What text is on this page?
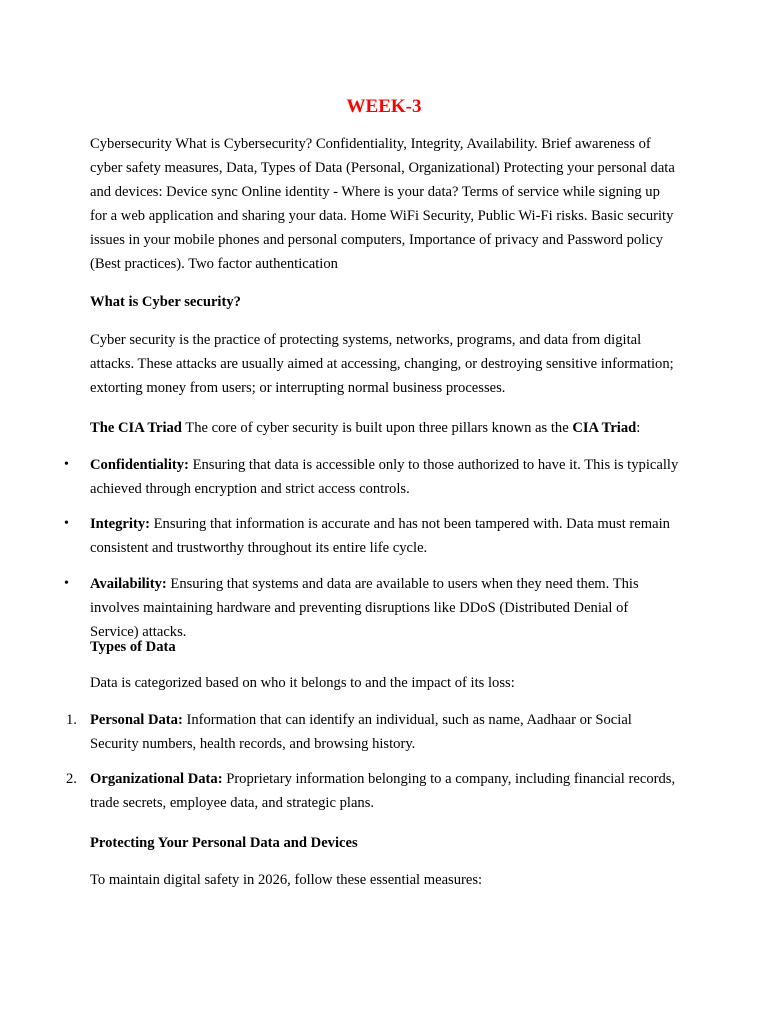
WEEK-3

Cybersecurity What is Cybersecurity? Confidentiality, Integrity, Availability. Brief awareness of cyber safety measures, Data, Types of Data (Personal, Organizational) Protecting your personal data and devices: Device sync Online identity - Where is your data? Terms of service while signing up for a web application and sharing your data. Home WiFi Security, Public Wi-Fi risks. Basic security issues in your mobile phones and personal computers, Importance of privacy and Password policy (Best practices). Two factor authentication

What is Cyber security?

Cyber security is the practice of protecting systems, networks, programs, and data from digital attacks. These attacks are usually aimed at accessing, changing, or destroying sensitive information; extorting money from users; or interrupting normal business processes.

The CIA Triad The core of cyber security is built upon three pillars known as the CIA Triad:

•	Confidentiality: Ensuring that data is accessible only to those authorized to have it. This is typically achieved through encryption and strict access controls.

•	Integrity: Ensuring that information is accurate and has not been tampered with. Data must remain consistent and trustworthy throughout its entire life cycle.

•	Availability: Ensuring that systems and data are available to users when they need them. This involves maintaining hardware and preventing disruptions like DDoS (Distributed Denial of Service) attacks.

Types of Data

Data is categorized based on who it belongs to and the impact of its loss:

1. Personal Data: Information that can identify an individual, such as name, Aadhaar or Social Security numbers, health records, and browsing history.

2. Organizational Data: Proprietary information belonging to a company, including financial records, trade secrets, employee data, and strategic plans.

Protecting Your Personal Data and Devices

To maintain digital safety in 2026, follow these essential measures:
